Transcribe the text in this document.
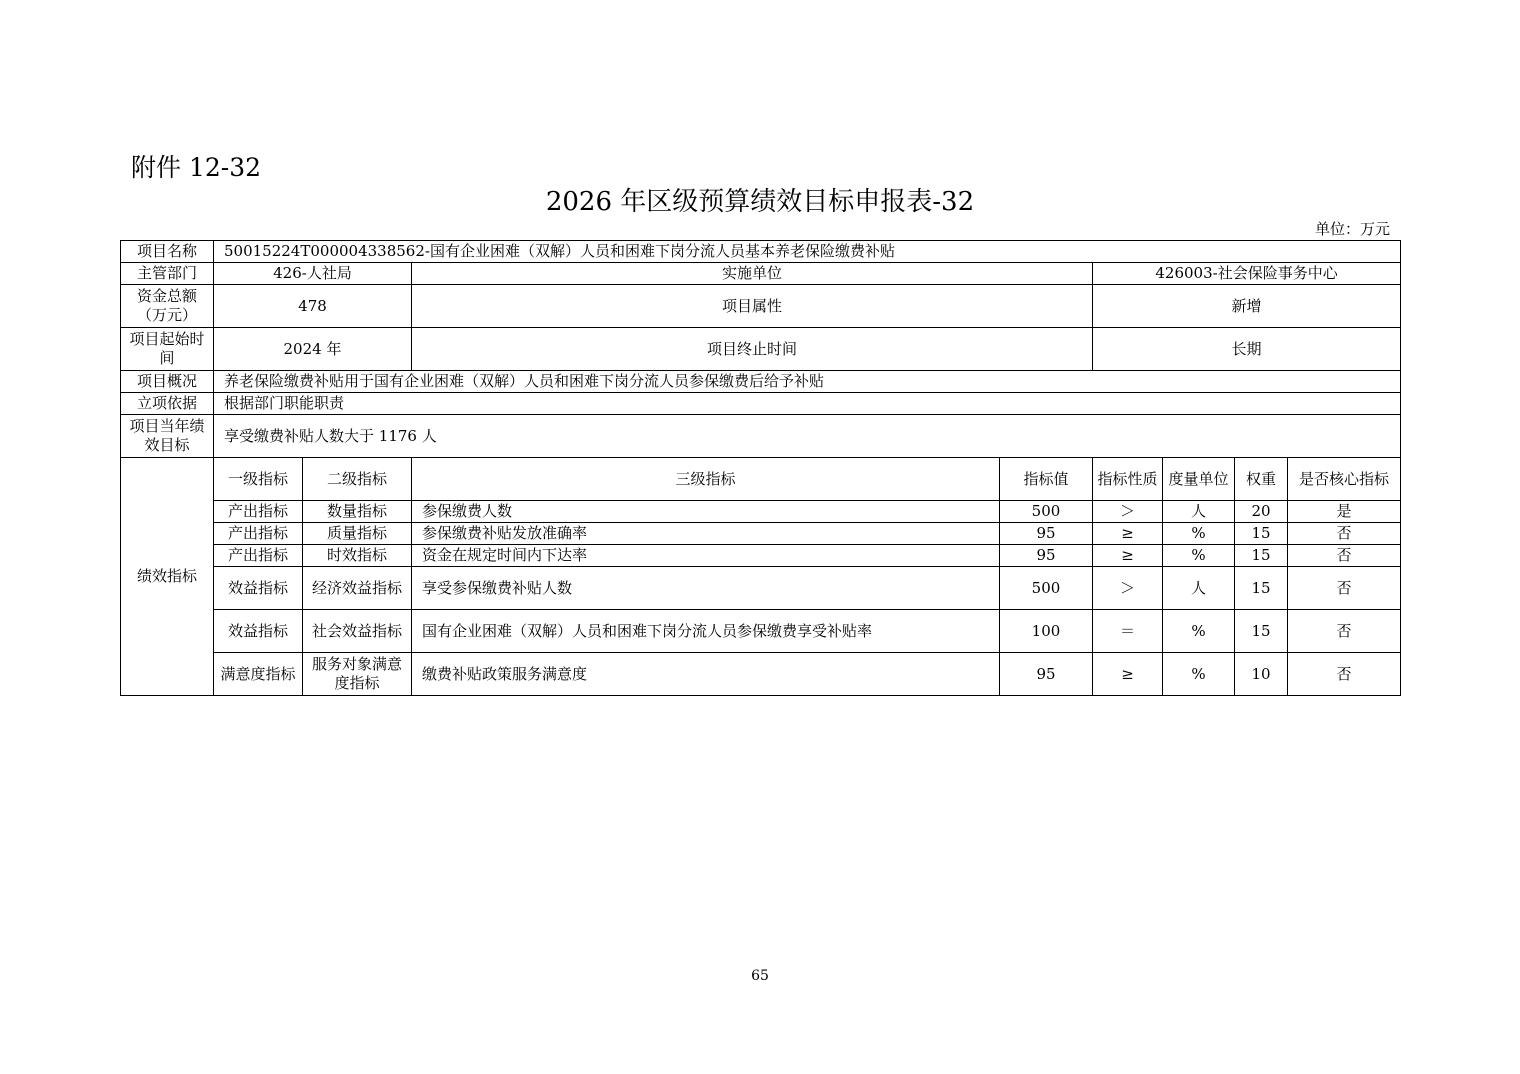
附件 12-32
2026 年区级预算绩效目标申报表-32
单位：万元
项目名称	50015224T000004338562-国有企业困难（双解）人员和困难下岗分流人员基本养老保险缴费补贴							
主管部门	426-人社局		实施单位		426003-社会保险事务中心			
资金总额（万元）	478		项目属性		新增			
项目起始时间	2024 年		项目终止时间		长期			
项目概况	养老保险缴费补贴用于国有企业困难（双解）人员和困难下岗分流人员参保缴费后给予补贴							
立项依据	根据部门职能职责							
项目当年绩效目标	享受缴费补贴人数大于 1176 人							
绩效指标	一级指标	二级指标	三级指标	指标值	指标性质	度量单位	权重	是否核心指标
	产出指标	数量指标	参保缴费人数	500	＞	人	20	是
	产出指标	质量指标	参保缴费补贴发放准确率	95	≥	%	15	否
	产出指标	时效指标	资金在规定时间内下达率	95	≥	%	15	否
	效益指标	经济效益指标	享受参保缴费补贴人数	500	＞	人	15	否
	效益指标	社会效益指标	国有企业困难（双解）人员和困难下岗分流人员参保缴费享受补贴率	100	＝	%	15	否
	满意度指标	服务对象满意度指标	缴费补贴政策服务满意度	95	≥	%	10	否
65
